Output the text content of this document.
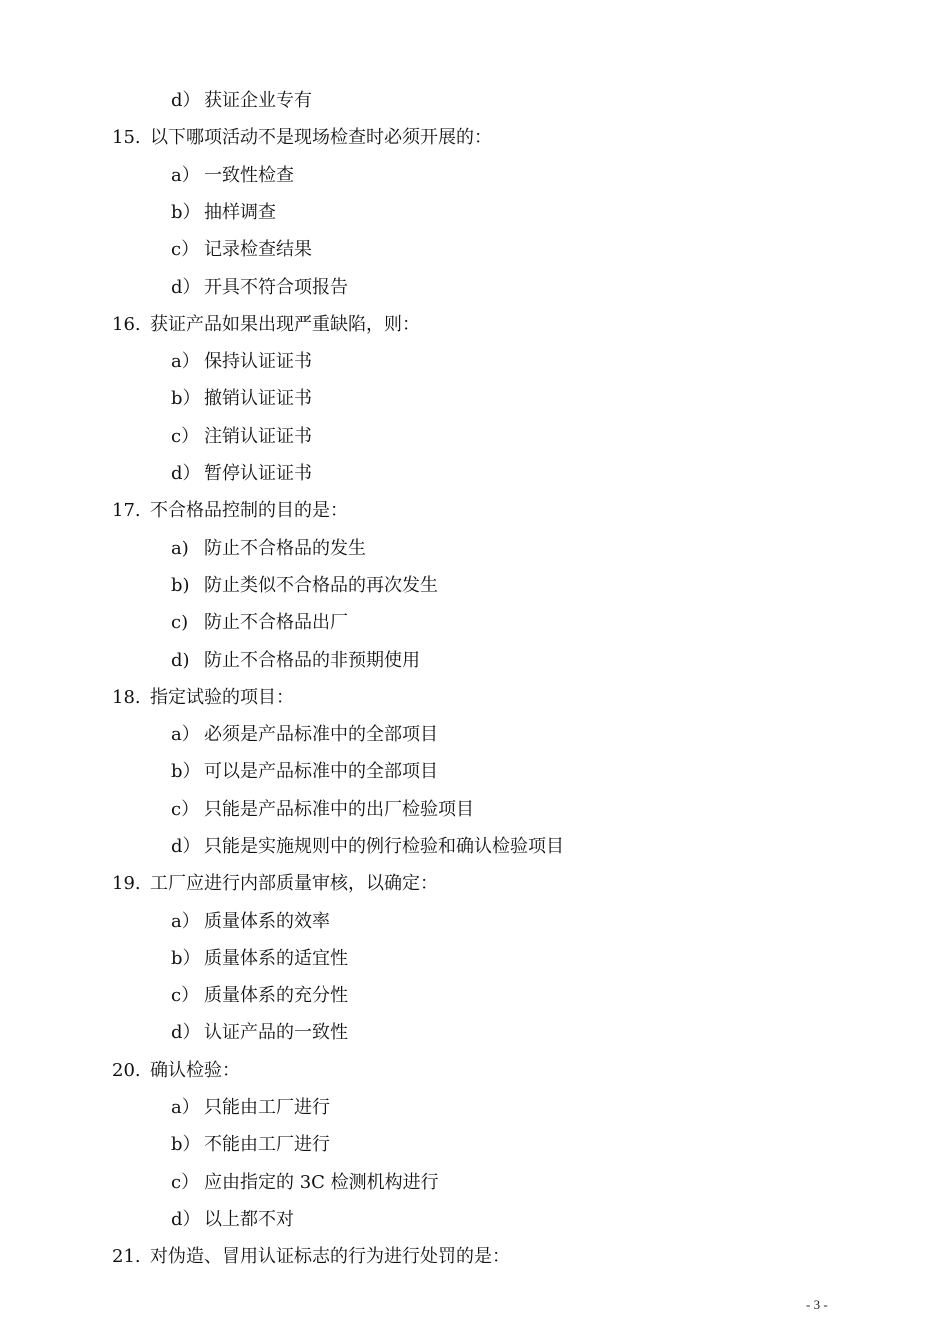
d） 获证企业专有
15. 以下哪项活动不是现场检查时必须开展的：
a） 一致性检查
b） 抽样调查
c） 记录检查结果
d） 开具不符合项报告
16. 获证产品如果出现严重缺陷，则：
a） 保持认证证书
b） 撤销认证证书
c） 注销认证证书
d） 暂停认证证书
17. 不合格品控制的目的是：
a) 防止不合格品的发生
b) 防止类似不合格品的再次发生
c) 防止不合格品出厂
d) 防止不合格品的非预期使用
18. 指定试验的项目：
a） 必须是产品标准中的全部项目
b） 可以是产品标准中的全部项目
c） 只能是产品标准中的出厂检验项目
d） 只能是实施规则中的例行检验和确认检验项目
19. 工厂应进行内部质量审核，以确定：
a） 质量体系的效率
b） 质量体系的适宜性
c） 质量体系的充分性
d） 认证产品的一致性
20. 确认检验：
a） 只能由工厂进行
b） 不能由工厂进行
c） 应由指定的 3C 检测机构进行
d） 以上都不对
21. 对伪造、冒用认证标志的行为进行处罚的是：
- 3 -
